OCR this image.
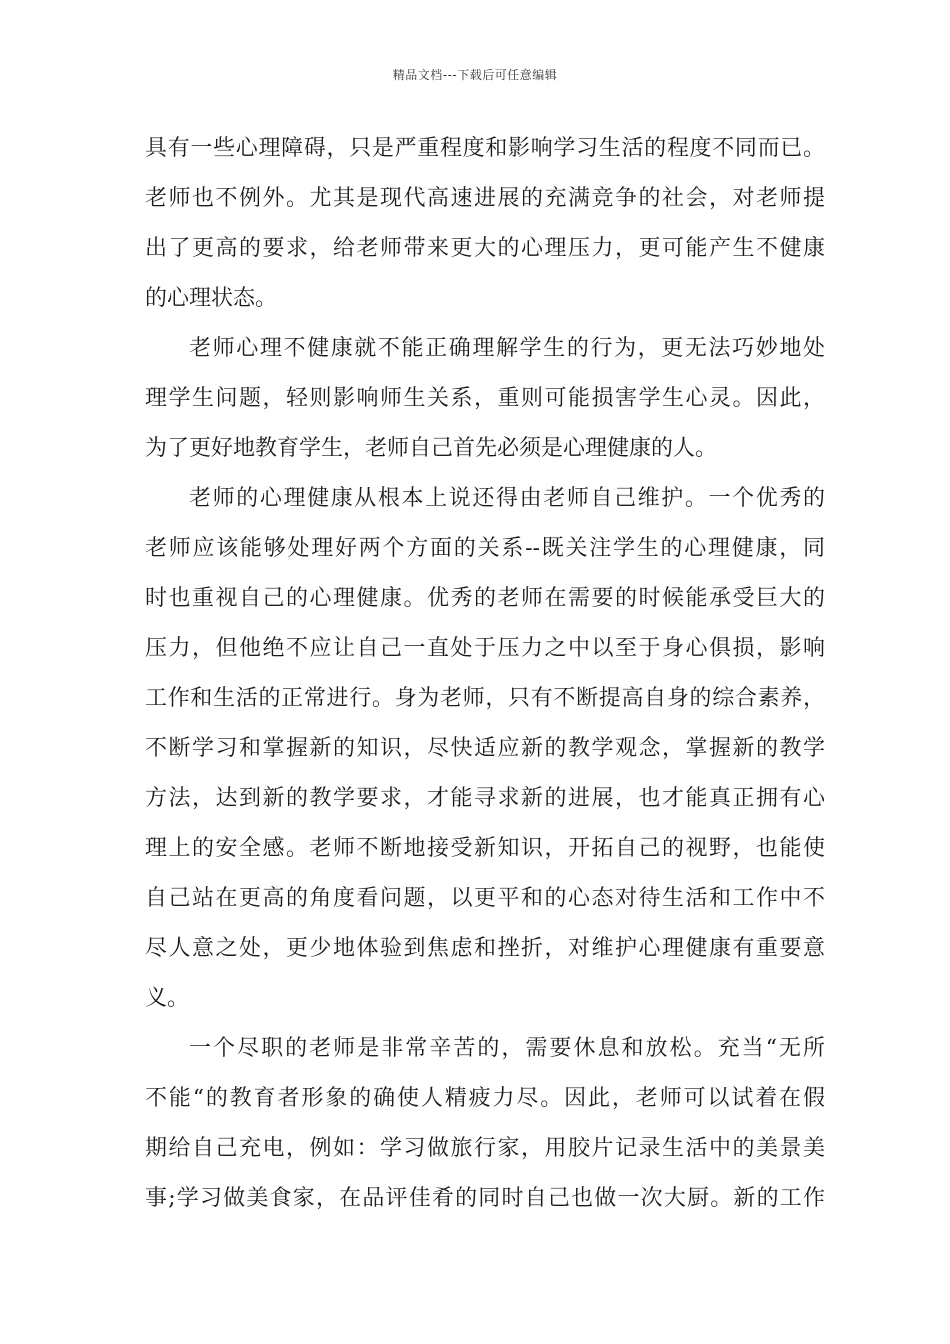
精品文档---下载后可任意编辑
具有一些心理障碍，只是严重程度和影响学习生活的程度不同而已。
老师也不例外。尤其是现代高速进展的充满竞争的社会，对老师提
出了更高的要求，给老师带来更大的心理压力，更可能产生不健康
的心理状态。
老师心理不健康就不能正确理解学生的行为，更无法巧妙地处
理学生问题，轻则影响师生关系，重则可能损害学生心灵。因此，
为了更好地教育学生，老师自己首先必须是心理健康的人。
老师的心理健康从根本上说还得由老师自己维护。一个优秀的
老师应该能够处理好两个方面的关系--既关注学生的心理健康，同
时也重视自己的心理健康。优秀的老师在需要的时候能承受巨大的
压力，但他绝不应让自己一直处于压力之中以至于身心俱损，影响
工作和生活的正常进行。身为老师，只有不断提高自身的综合素养，
不断学习和掌握新的知识，尽快适应新的教学观念，掌握新的教学
方法，达到新的教学要求，才能寻求新的进展，也才能真正拥有心
理上的安全感。老师不断地接受新知识，开拓自己的视野，也能使
自己站在更高的角度看问题，以更平和的心态对待生活和工作中不
尽人意之处，更少地体验到焦虑和挫折，对维护心理健康有重要意
义。
一个尽职的老师是非常辛苦的，需要休息和放松。充当“无所
不能“的教育者形象的确使人精疲力尽。因此，老师可以试着在假
期给自己充电，例如：学习做旅行家，用胶片记录生活中的美景美
事;学习做美食家，在品评佳肴的同时自己也做一次大厨。新的工作
